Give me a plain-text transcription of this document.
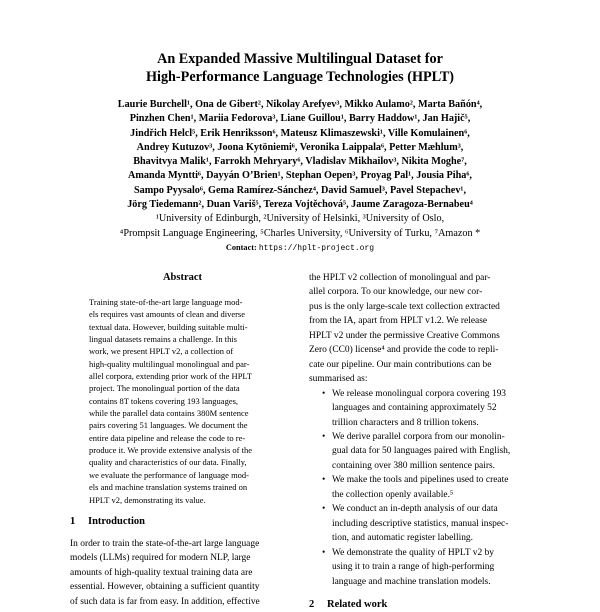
An Expanded Massive Multilingual Dataset for
High-Performance Language Technologies (HPLT)
Laurie Burchell¹, Ona de Gibert², Nikolay Arefyev³, Mikko Aulamo², Marta Bañón⁴,
Pinzhen Chen¹, Mariia Fedorova³, Liane Guillou¹, Barry Haddow¹, Jan Hajič⁵,
Jindřich Helcl⁵, Erik Henriksson⁶, Mateusz Klimaszewski¹, Ville Komulainen⁶,
Andrey Kutuzov³, Joona Kytöniemi⁶, Veronika Laippala⁶, Petter Mæhlum³,
Bhavitvya Malik¹, Farrokh Mehryary⁶, Vladislav Mikhailov³, Nikita Moghe⁷,
Amanda Myntti⁶, Dayyán O’Brien¹, Stephan Oepen³, Proyag Pal¹, Jousia Piha⁶,
Sampo Pyysalo⁶, Gema Ramírez-Sánchez⁴, David Samuel³, Pavel Stepachev¹,
Jörg Tiedemann², Duan Variš⁵, Tereza Vojtěchová⁵, Jaume Zaragoza-Bernabeu⁴
¹University of Edinburgh, ²University of Helsinki, ³University of Oslo,
⁴Prompsit Language Engineering, ⁵Charles University, ⁶University of Turku, ⁷Amazon *
Contact: https://hplt-project.org
Abstract
Training state-of-the-art large language mod-
els requires vast amounts of clean and diverse
textual data. However, building suitable multi-
lingual datasets remains a challenge. In this
work, we present HPLT v2, a collection of
high-quality multilingual monolingual and par-
allel corpora, extending prior work of the HPLT
project. The monolingual portion of the data
contains 8T tokens covering 193 languages,
while the parallel data contains 380M sentence
pairs covering 51 languages. We document the
entire data pipeline and release the code to re-
produce it. We provide extensive analysis of the
quality and characteristics of our data. Finally,
we evaluate the performance of language mod-
els and machine translation systems trained on
HPLT v2, demonstrating its value.
1 Introduction
In order to train the state-of-the-art large language
models (LLMs) required for modern NLP, large
amounts of high-quality textual training data are
essential. However, obtaining a sufficient quantity
of such data is far from easy. In addition, effective
the HPLT v2 collection of monolingual and par-
allel corpora. To our knowledge, our new cor-
pus is the only large-scale text collection extracted
from the IA, apart from HPLT v1.2. We release
HPLT v2 under the permissive Creative Commons
Zero (CC0) license⁴ and provide the code to repli-
cate our pipeline. Our main contributions can be
summarised as:
• We release monolingual corpora covering 193
languages and containing approximately 52
trillion characters and 8 trillion tokens.
• We derive parallel corpora from our monolin-
gual data for 50 languages paired with English,
containing over 380 million sentence pairs.
• We make the tools and pipelines used to create
the collection openly available.⁵
• We conduct an in-depth analysis of our data
including descriptive statistics, manual inspec-
tion, and automatic register labelling.
• We demonstrate the quality of HPLT v2 by
using it to train a range of high-performing
language and machine translation models.
2 Related work
